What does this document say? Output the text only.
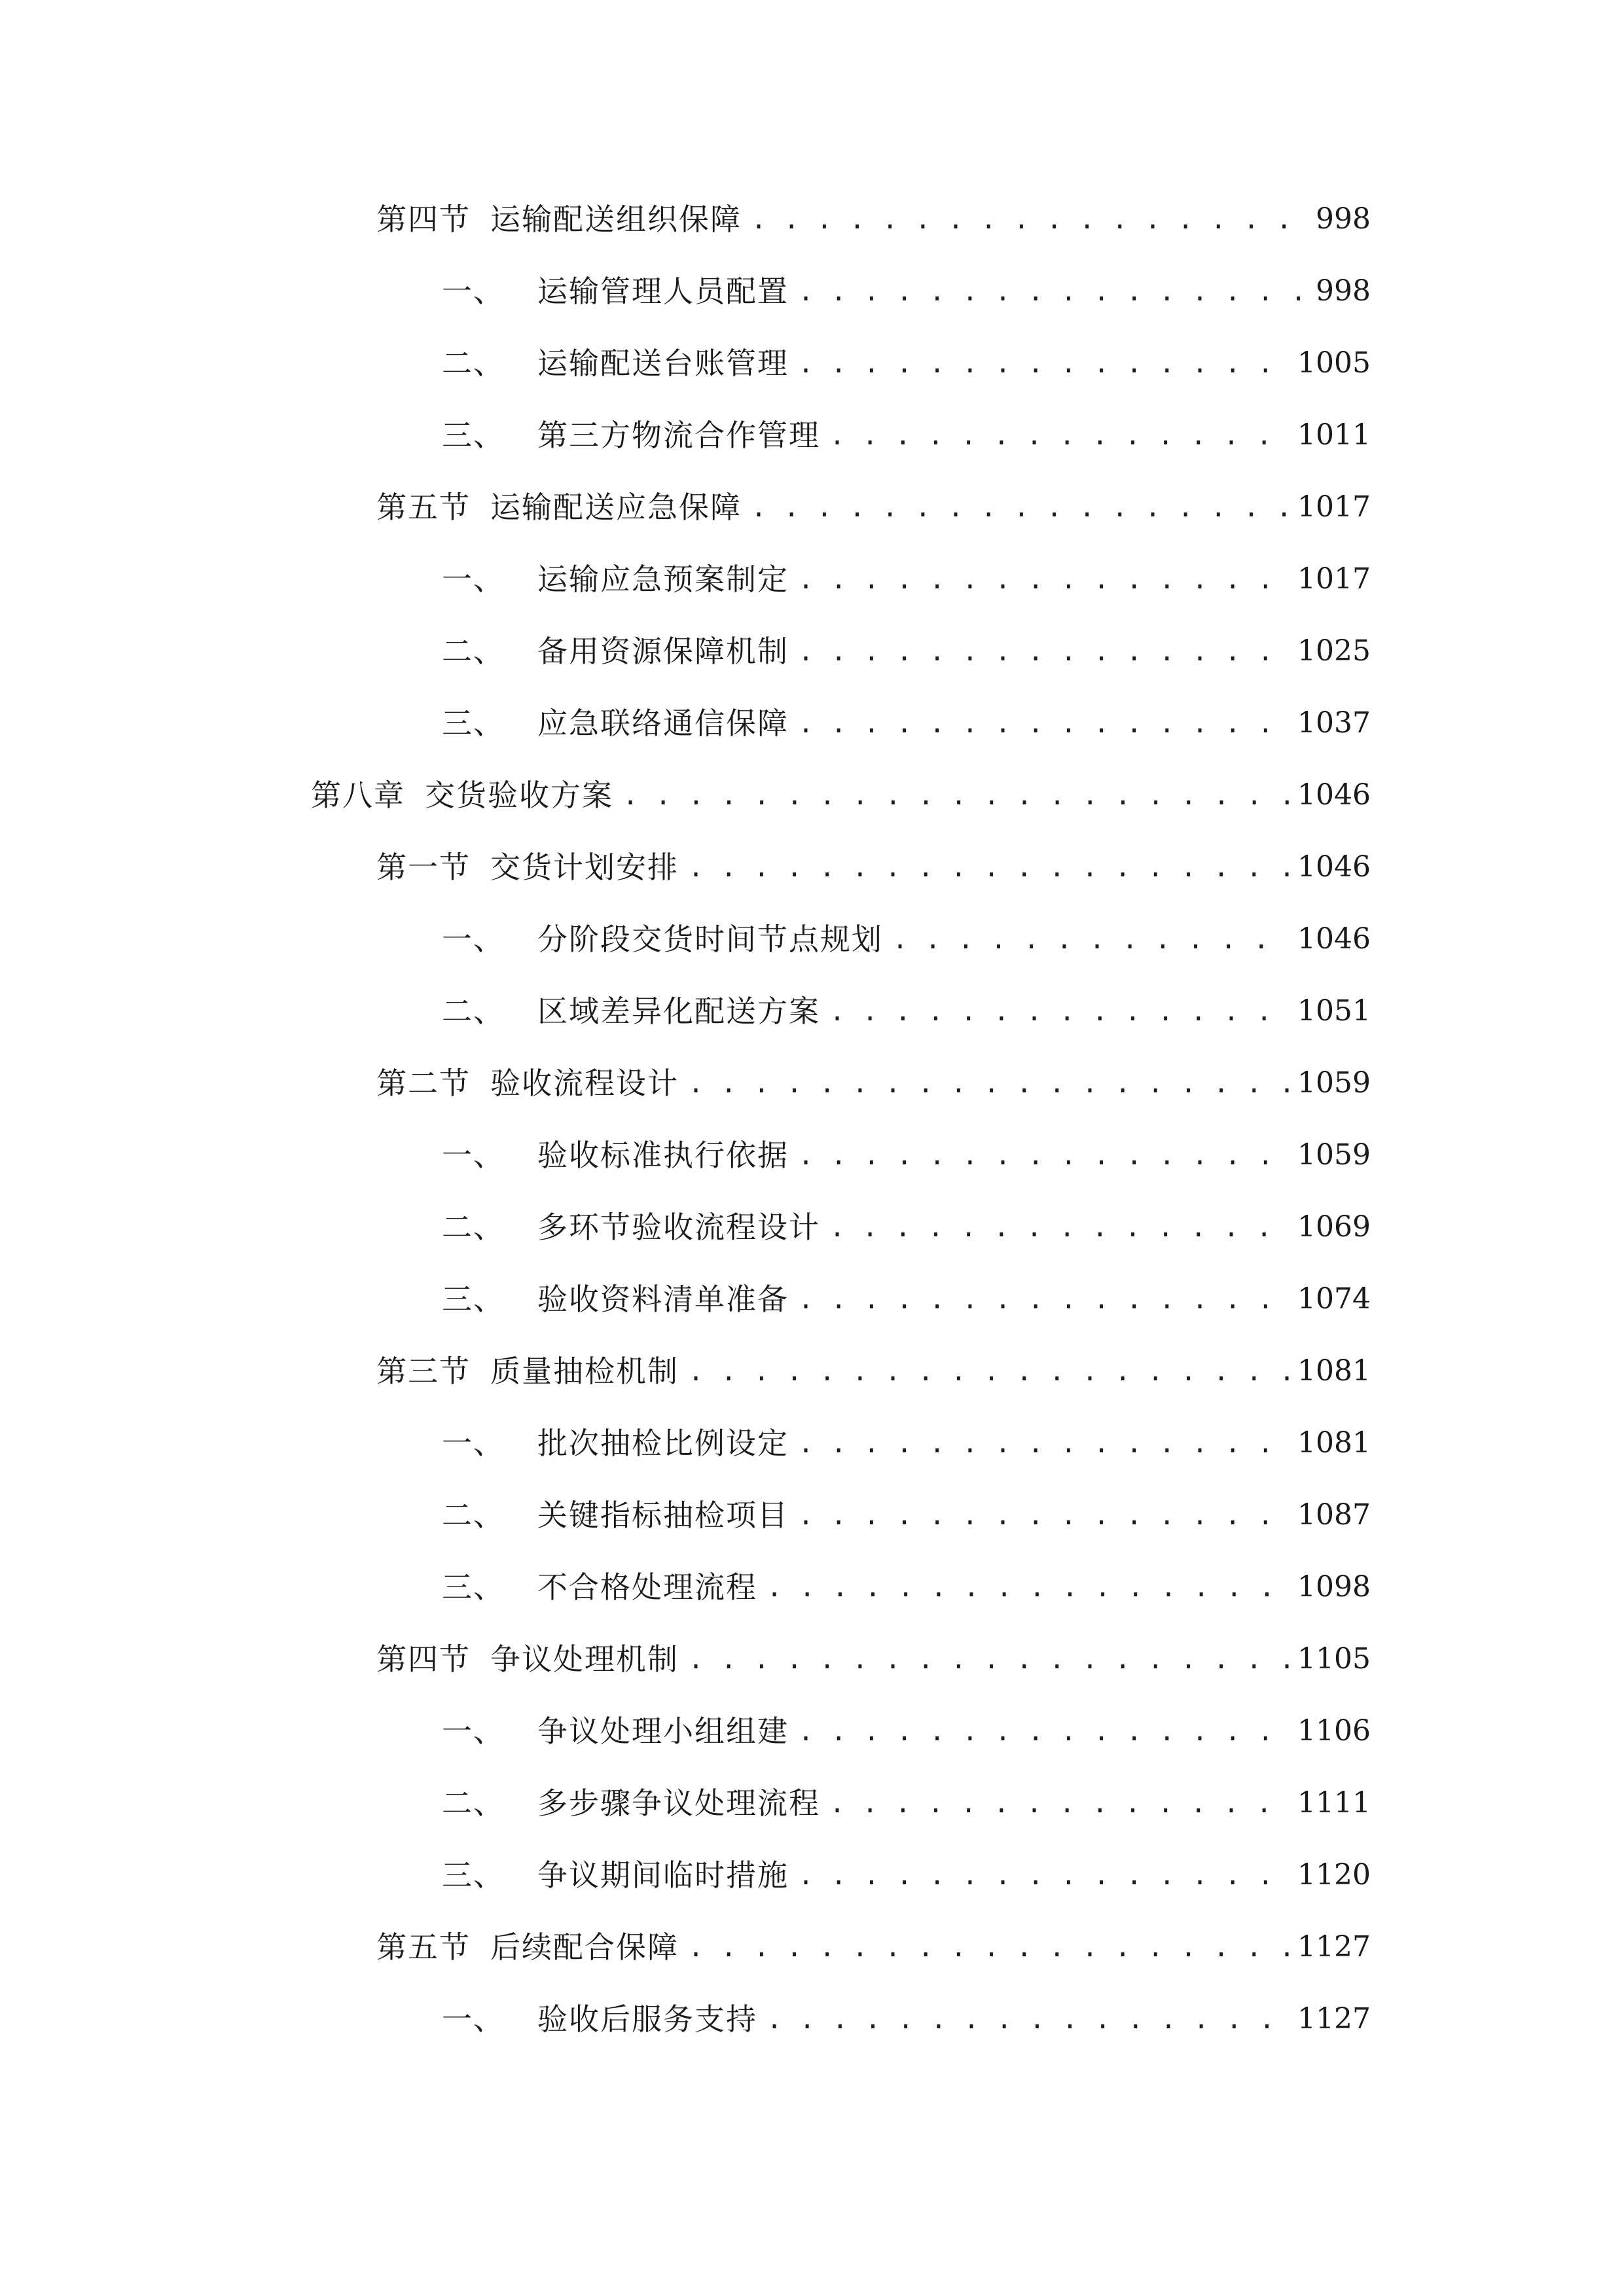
第四节 运输配送组织保障 . . .	998
一、 运输管理人员配置 . . .	998
二、 运输配送台账管理 . . .	1005
三、 第三方物流合作管理 . . .	1011
第五节 运输配送应急保障 . . .	1017
一、 运输应急预案制定 . . .	1017
二、 备用资源保障机制 . . .	1025
三、 应急联络通信保障 . . .	1037
第八章 交货验收方案 . . .	1046
第一节 交货计划安排 . . .	1046
一、 分阶段交货时间节点规划 . . .	1046
二、 区域差异化配送方案 . . .	1051
第二节 验收流程设计 . . .	1059
一、 验收标准执行依据 . . .	1059
二、 多环节验收流程设计 . . .	1069
三、 验收资料清单准备 . . .	1074
第三节 质量抽检机制 . . .	1081
一、 批次抽检比例设定 . . .	1081
二、 关键指标抽检项目 . . .	1087
三、 不合格处理流程 . . .	1098
第四节 争议处理机制 . . .	1105
一、 争议处理小组组建 . . .	1106
二、 多步骤争议处理流程 . . .	1111
三、 争议期间临时措施 . . .	1120
第五节 后续配合保障 . . .	1127
一、 验收后服务支持 . . .	1127
